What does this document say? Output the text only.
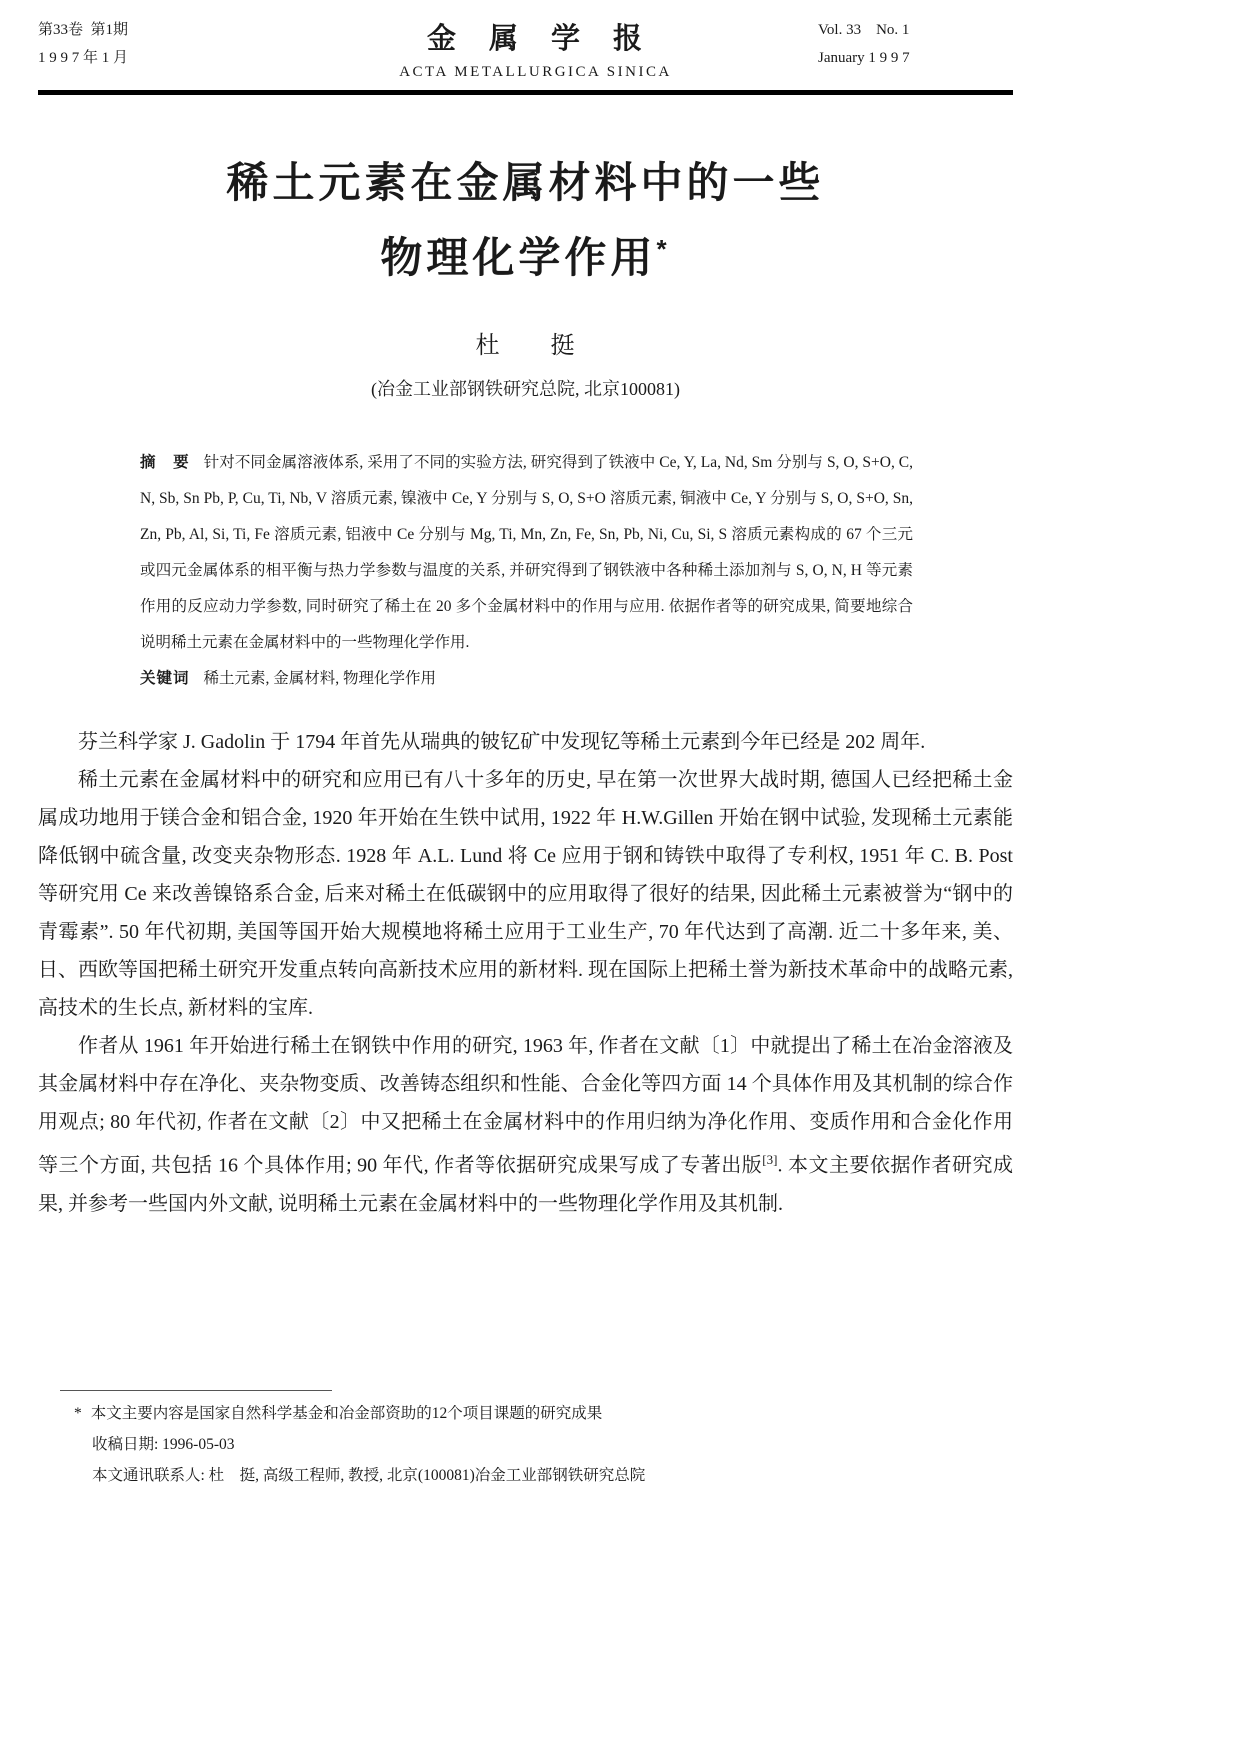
第33卷  第1期
1 9 9 7 年 1 月
金　属　学　报
ACTA METALLURGICA SINICA
Vol. 33    No. 1
January 1 9 9 7
稀土元素在金属材料中的一些
物理化学作用*
杜　　挺
(冶金工业部钢铁研究总院, 北京100081)

摘　要 针对不同金属溶液体系, 采用了不同的实验方法, 研究得到了铁液中 Ce, Y, La, Nd, Sm 分别与 S, O, S+O, C, N, Sb, Sn Pb, P, Cu, Ti, Nb, V 溶质元素, 镍液中 Ce, Y 分别与 S, O, S+O 溶质元素, 铜液中 Ce, Y 分别与 S, O, S+O, Sn, Zn, Pb, Al, Si, Ti, Fe 溶质元素, 铝液中 Ce 分别与 Mg, Ti, Mn, Zn, Fe, Sn, Pb, Ni, Cu, Si, S 溶质元素构成的 67 个三元或四元金属体系的相平衡与热力学参数与温度的关系, 并研究得到了钢铁液中各种稀土添加剂与 S, O, N, H 等元素作用的反应动力学参数, 同时研究了稀土在 20 多个金属材料中的作用与应用. 依据作者等的研究成果, 简要地综合说明稀土元素在金属材料中的一些物理化学作用.

关键词 稀土元素, 金属材料, 物理化学作用

芬兰科学家 J. Gadolin 于 1794 年首先从瑞典的铍钇矿中发现钇等稀土元素到今年已经是 202 周年.

稀土元素在金属材料中的研究和应用已有八十多年的历史, 早在第一次世界大战时期, 德国人已经把稀土金属成功地用于镁合金和铝合金, 1920 年开始在生铁中试用, 1922 年 H.W.Gillen 开始在钢中试验, 发现稀土元素能降低钢中硫含量, 改变夹杂物形态. 1928 年 A.L. Lund 将 Ce 应用于钢和铸铁中取得了专利权, 1951 年 C. B. Post 等研究用 Ce 来改善镍铬系合金, 后来对稀土在低碳钢中的应用取得了很好的结果, 因此稀土元素被誉为“钢中的青霉素”. 50 年代初期, 美国等国开始大规模地将稀土应用于工业生产, 70 年代达到了高潮. 近二十多年来, 美、日、西欧等国把稀土研究开发重点转向高新技术应用的新材料. 现在国际上把稀土誉为新技术革命中的战略元素, 高技术的生长点, 新材料的宝库.

作者从 1961 年开始进行稀土在钢铁中作用的研究, 1963 年, 作者在文献〔1〕中就提出了稀土在冶金溶液及其金属材料中存在净化、夹杂物变质、改善铸态组织和性能、合金化等四方面 14 个具体作用及其机制的综合作用观点; 80 年代初, 作者在文献〔2〕中又把稀土在金属材料中的作用归纳为净化作用、变质作用和合金化作用等三个方面, 共包括 16 个具体作用; 90 年代, 作者等依据研究成果写成了专著出版[3]. 本文主要依据作者研究成果, 并参考一些国内外文献, 说明稀土元素在金属材料中的一些物理化学作用及其机制.

* 本文主要内容是国家自然科学基金和冶金部资助的12个项目课题的研究成果

收稿日期: 1996-05-03

本文通讯联系人: 杜　挺, 高级工程师, 教授, 北京(100081)冶金工业部钢铁研究总院
